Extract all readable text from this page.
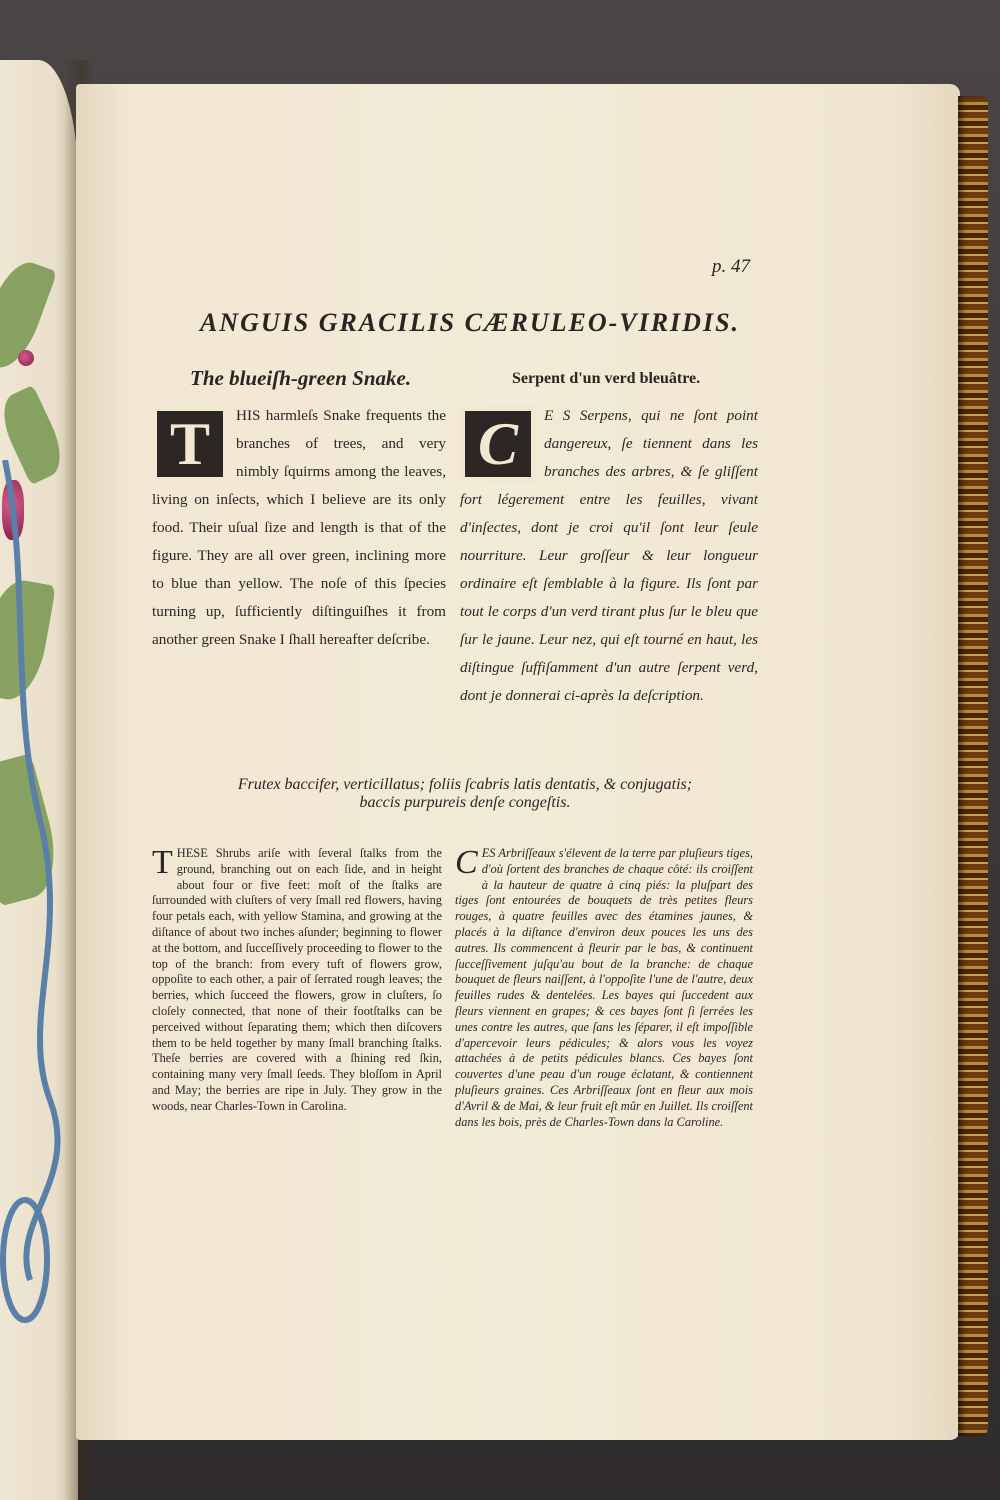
p. 47

ANGUIS GRACILIS CÆRULEO-VIRIDIS.
The blueiſh-green Snake.	Serpent d'un verd bleuâtre.
T	HIS harmleſs Snake frequents the branches of trees, and very nimbly ſquirms among the leaves, living on inſects, which I believe are its only food. Their uſual ſize and length is that of the figure. They are all over green, inclining more to blue than yellow. The noſe of this ſpecies turning up, ſufficiently diſtinguiſhes it from another green Snake I ſhall hereafter deſcribe.
C	E S Serpens, qui ne ſont point dangereux, ſe tiennent dans les branches des arbres, & ſe gliſſent fort légerement entre les feuilles, vivant d'inſectes, dont je croi qu'il ſont leur ſeule nourriture. Leur groſſeur & leur longueur ordinaire eſt ſemblable à la figure. Ils ſont par tout le corps d'un verd tirant plus ſur le bleu que ſur le jaune. Leur nez, qui eſt tourné en haut, les diſtingue ſuffiſamment d'un autre ſerpent verd, dont je donnerai ci-après la deſcription.
Frutex baccifer, verticillatus; foliis ſcabris latis dentatis, & conjugatis;
baccis purpureis denſe congeſtis.
T HESE Shrubs ariſe with ſeveral ſtalks from the ground, branching out on each ſide, and in height about four or five feet: moſt of the ſtalks are ſurrounded with cluſters of very ſmall red flowers, having four petals each, with yellow Stamina, and growing at the diſtance of about two inches aſunder; beginning to flower at the bottom, and ſucceſſively proceeding to flower to the top of the branch: from every tuft of flowers grow, oppoſite to each other, a pair of ſerrated rough leaves; the berries, which ſucceed the flowers, grow in cluſters, ſo cloſely connected, that none of their footſtalks can be perceived without ſeparating them; which then diſcovers them to be held together by many ſmall branching ſtalks. Theſe berries are covered with a ſhining red ſkin, containing many very ſmall ſeeds. They bloſſom in April and May; the berries are ripe in July. They grow in the woods, near Charles-Town in Carolina.
C ES Arbriſſeaux s'élevent de la terre par pluſieurs tiges, d'où ſortent des branches de chaque côté: ils croiſſent à la hauteur de quatre à cinq piés: la pluſpart des tiges ſont entourées de bouquets de très petites fleurs rouges, à quatre feuilles avec des étamines jaunes, & placés à la diſtance d'environ deux pouces les uns des autres. Ils commencent à fleurir par le bas, & continuent ſucceſſivement juſqu'au bout de la branche: de chaque bouquet de fleurs naiſſent, à l'oppoſite l'une de l'autre, deux feuilles rudes & dentelées. Les bayes qui ſuccedent aux fleurs viennent en grapes; & ces bayes ſont ſi ſerrées les unes contre les autres, que ſans les ſéparer, il eſt impoſſible d'apercevoir leurs pédicules; & alors vous les voyez attachées à de petits pédicules blancs. Ces bayes ſont couvertes d'une peau d'un rouge éclatant, & contiennent pluſieurs graines. Ces Arbriſſeaux ſont en fleur aux mois d'Avril & de Mai, & leur fruit eſt mûr en Juillet. Ils croiſſent dans les bois, près de Charles-Town dans la Caroline.
